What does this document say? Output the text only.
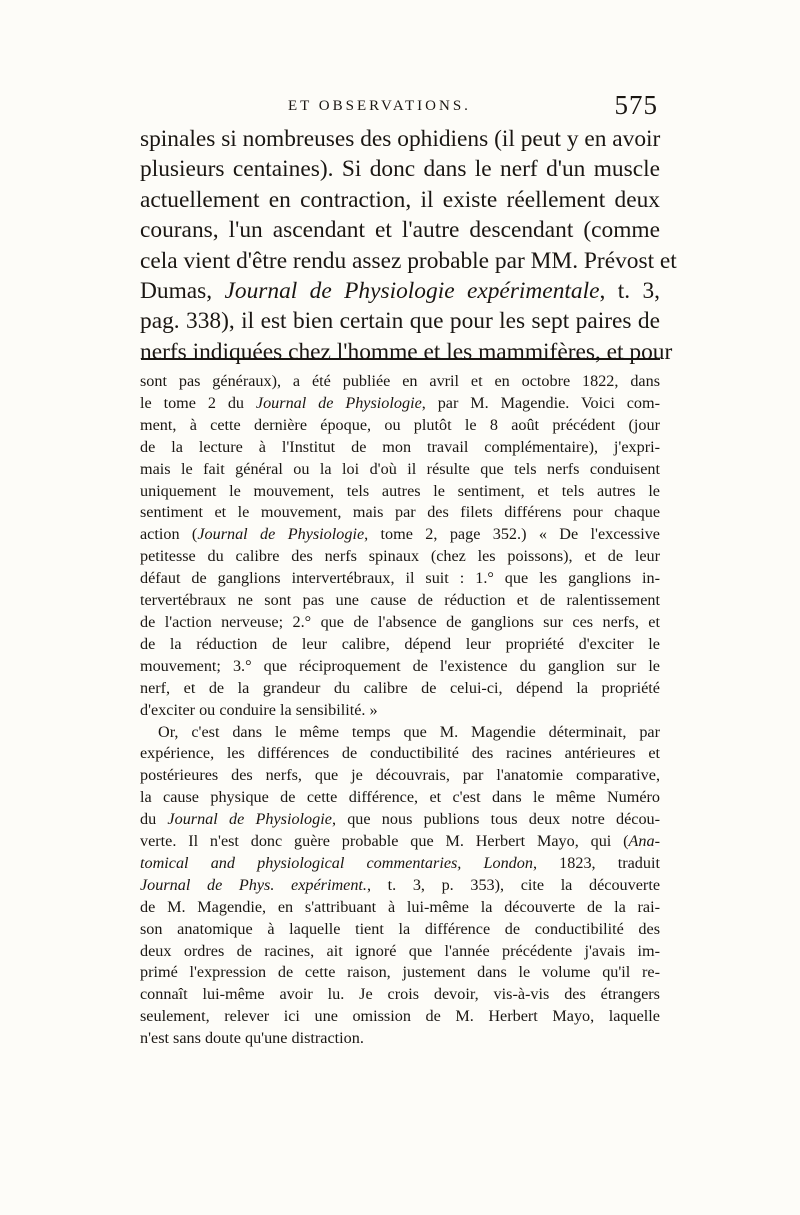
ET OBSERVATIONS.	575
spinales si nombreuses des ophidiens (il peut y en avoir
plusieurs centaines). Si donc dans le nerf d'un muscle
actuellement en contraction, il existe réellement deux
courans, l'un ascendant et l'autre descendant (comme
cela vient d'être rendu assez probable par MM. Prévost et
Dumas, Journal de Physiologie expérimentale, t. 3,
pag. 338), il est bien certain que pour les sept paires de
nerfs indiquées chez l'homme et les mammifères, et pour
sont pas généraux), a été publiée en avril et en octobre 1822, dans
le tome 2 du Journal de Physiologie, par M. Magendie. Voici com-
ment, à cette dernière époque, ou plutôt le 8 août précédent (jour
de la lecture à l'Institut de mon travail complémentaire), j'expri-
mais le fait général ou la loi d'où il résulte que tels nerfs conduisent
uniquement le mouvement, tels autres le sentiment, et tels autres le
sentiment et le mouvement, mais par des filets différens pour chaque
action (Journal de Physiologie, tome 2, page 352.) « De l'excessive
petitesse du calibre des nerfs spinaux (chez les poissons), et de leur
défaut de ganglions intervertébraux, il suit : 1.° que les ganglions in-
tervertébraux ne sont pas une cause de réduction et de ralentissement
de l'action nerveuse; 2.° que de l'absence de ganglions sur ces nerfs, et
de la réduction de leur calibre, dépend leur propriété d'exciter le
mouvement; 3.° que réciproquement de l'existence du ganglion sur le
nerf, et de la grandeur du calibre de celui-ci, dépend la propriété
d'exciter ou conduire la sensibilité. »
Or, c'est dans le même temps que M. Magendie déterminait, par
expérience, les différences de conductibilité des racines antérieures et
postérieures des nerfs, que je découvrais, par l'anatomie comparative,
la cause physique de cette différence, et c'est dans le même Numéro
du Journal de Physiologie, que nous publions tous deux notre décou-
verte. Il n'est donc guère probable que M. Herbert Mayo, qui (Ana-
tomical and physiological commentaries, London, 1823, traduit
Journal de Phys. expériment., t. 3, p. 353), cite la découverte
de M. Magendie, en s'attribuant à lui-même la découverte de la rai-
son anatomique à laquelle tient la différence de conductibilité des
deux ordres de racines, ait ignoré que l'année précédente j'avais im-
primé l'expression de cette raison, justement dans le volume qu'il re-
connaît lui-même avoir lu. Je crois devoir, vis-à-vis des étrangers
seulement, relever ici une omission de M. Herbert Mayo, laquelle
n'est sans doute qu'une distraction.
